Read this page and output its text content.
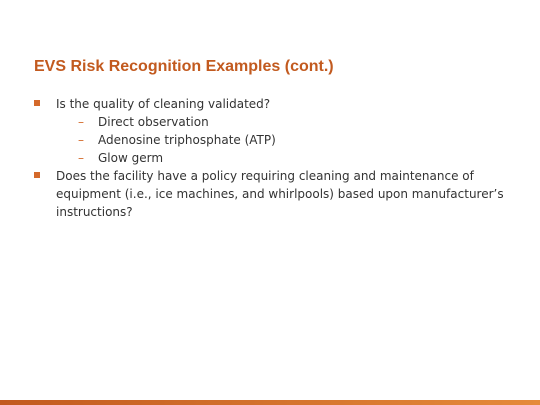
EVS Risk Recognition Examples (cont.)
Is the quality of cleaning validated?
– Direct observation
– Adenosine triphosphate (ATP)
– Glow germ
Does the facility have a policy requiring cleaning and maintenance of equipment (i.e., ice machines, and whirlpools) based upon manufacturer’s instructions?
